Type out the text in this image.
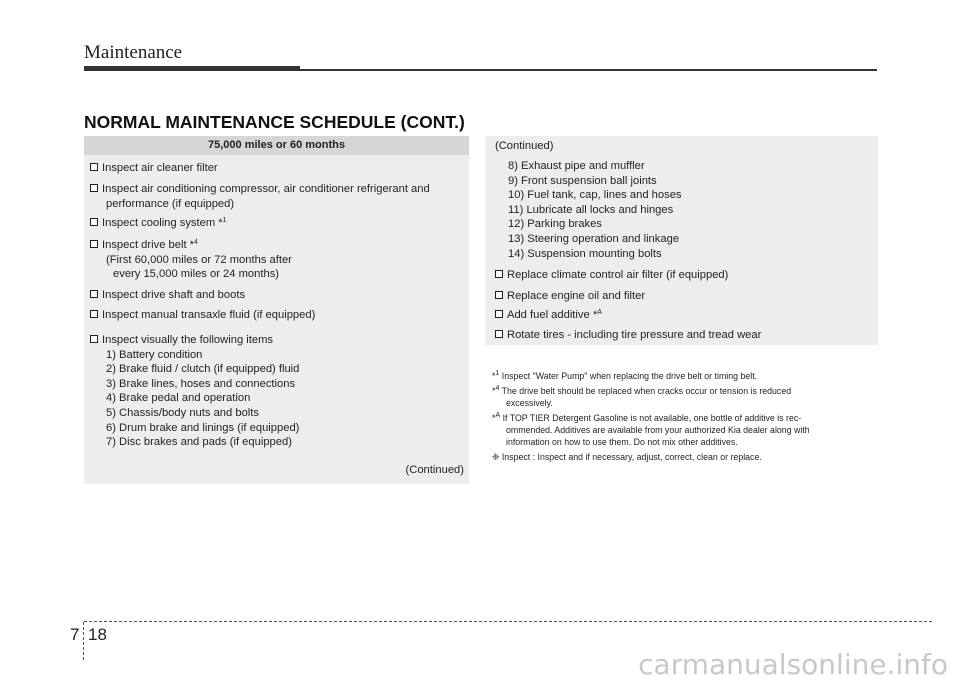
Maintenance
NORMAL MAINTENANCE SCHEDULE (CONT.)
75,000 miles or 60 months
Inspect air cleaner filter
Inspect air conditioning compressor, air conditioner refrigerant and
performance (if equipped)
Inspect cooling system *$^1$
Inspect drive belt *$^4$
(First 60,000 miles or 72 months after
every 15,000 miles or 24 months)
Inspect drive shaft and boots
Inspect manual transaxle fluid (if equipped)
Inspect visually the following items
1) Battery condition
2) Brake fluid / clutch (if equipped) fluid
3) Brake lines, hoses and connections
4) Brake pedal and operation
5) Chassis/body nuts and bolts
6) Drum brake and linings (if equipped)
7) Disc brakes and pads (if equipped)
(Continued)
(Continued)
8) Exhaust pipe and muffler
9) Front suspension ball joints
10) Fuel tank, cap, lines and hoses
11) Lubricate all locks and hinges
12) Parking brakes
13) Steering operation and linkage
14) Suspension mounting bolts
Replace climate control air filter (if equipped)
Replace engine oil and filter
Add fuel additive *$^A$
Rotate tires - including tire pressure and tread wear
*$^1$ Inspect "Water Pump" when replacing the drive belt or timing belt.
*$^4$ The drive belt should be replaced when cracks occur or tension is reduced
excessively.
*$^A$ If TOP TIER Detergent Gasoline is not available, one bottle of additive is rec-
ommended. Additives are available from your authorized Kia dealer along with
information on how to use them. Do not mix other additives.
❈ Inspect : Inspect and if necessary, adjust, correct, clean or replace.
7 18
carmanualsonline.info
